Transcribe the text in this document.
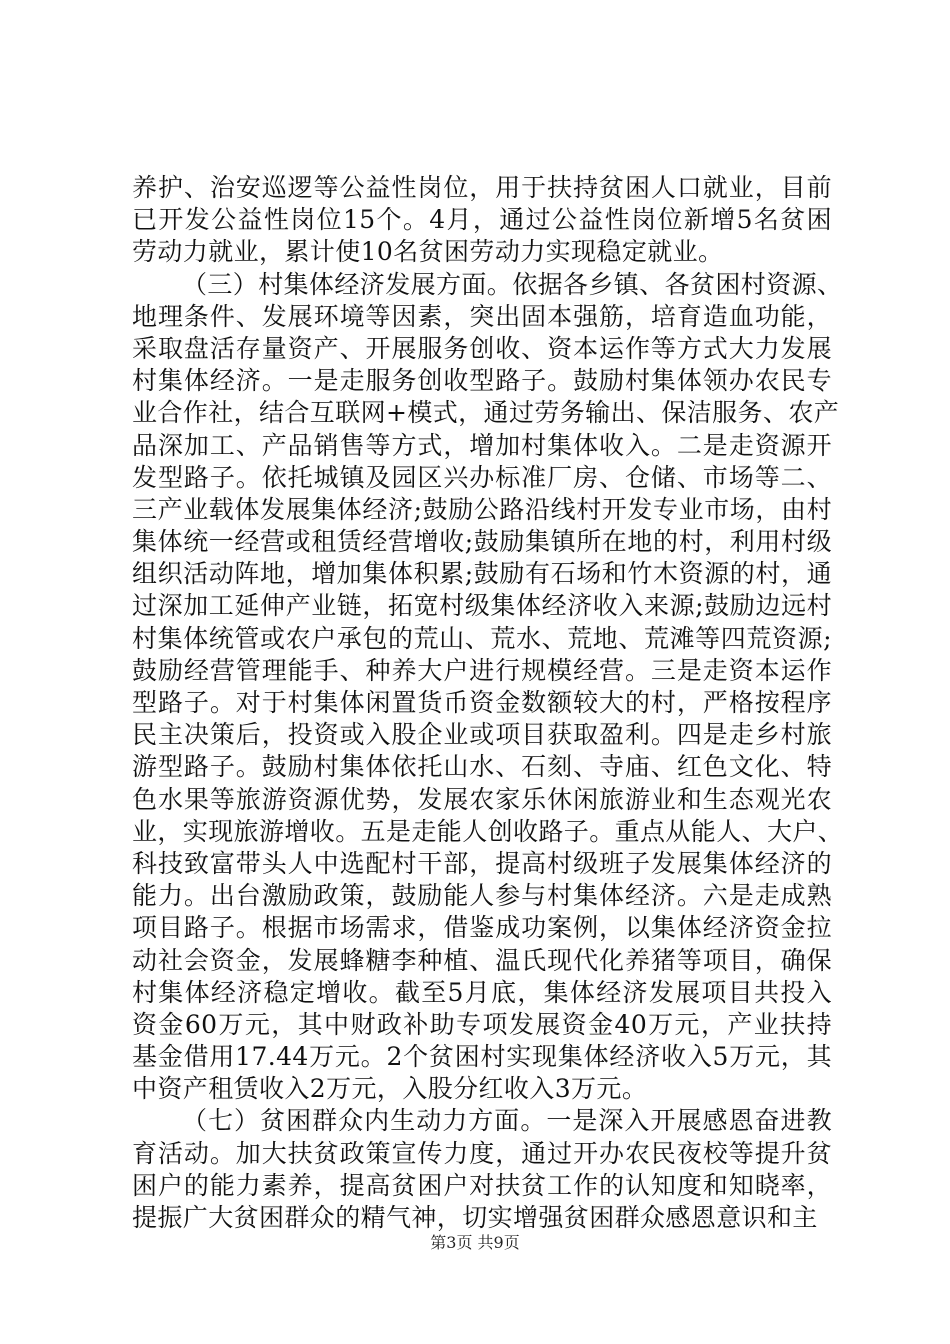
养护、治安巡逻等公益性岗位，用于扶持贫困人口就业，目前
已开发公益性岗位15个。4月，通过公益性岗位新增5名贫困
劳动力就业，累计使10名贫困劳动力实现稳定就业。
（三）村集体经济发展方面。依据各乡镇、各贫困村资源、
地理条件、发展环境等因素，突出固本强筋，培育造血功能，
采取盘活存量资产、开展服务创收、资本运作等方式大力发展
村集体经济。一是走服务创收型路子。鼓励村集体领办农民专
业合作社，结合互联网+模式，通过劳务输出、保洁服务、农产
品深加工、产品销售等方式，增加村集体收入。二是走资源开
发型路子。依托城镇及园区兴办标准厂房、仓储、市场等二、
三产业载体发展集体经济;鼓励公路沿线村开发专业市场，由村
集体统一经营或租赁经营增收;鼓励集镇所在地的村，利用村级
组织活动阵地，增加集体积累;鼓励有石场和竹木资源的村，通
过深加工延伸产业链，拓宽村级集体经济收入来源;鼓励边远村
村集体统管或农户承包的荒山、荒水、荒地、荒滩等四荒资源;
鼓励经营管理能手、种养大户进行规模经营。三是走资本运作
型路子。对于村集体闲置货币资金数额较大的村，严格按程序
民主决策后，投资或入股企业或项目获取盈利。四是走乡村旅
游型路子。鼓励村集体依托山水、石刻、寺庙、红色文化、特
色水果等旅游资源优势，发展农家乐休闲旅游业和生态观光农
业，实现旅游增收。五是走能人创收路子。重点从能人、大户、
科技致富带头人中选配村干部，提高村级班子发展集体经济的
能力。出台激励政策，鼓励能人参与村集体经济。六是走成熟
项目路子。根据市场需求，借鉴成功案例，以集体经济资金拉
动社会资金，发展蜂糖李种植、温氏现代化养猪等项目，确保
村集体经济稳定增收。截至5月底，集体经济发展项目共投入
资金60万元，其中财政补助专项发展资金40万元，产业扶持
基金借用17.44万元。2个贫困村实现集体经济收入5万元，其
中资产租赁收入2万元，入股分红收入3万元。
（七）贫困群众内生动力方面。一是深入开展感恩奋进教
育活动。加大扶贫政策宣传力度，通过开办农民夜校等提升贫
困户的能力素养，提高贫困户对扶贫工作的认知度和知晓率，
提振广大贫困群众的精气神，切实增强贫困群众感恩意识和主
第3页 共9页
